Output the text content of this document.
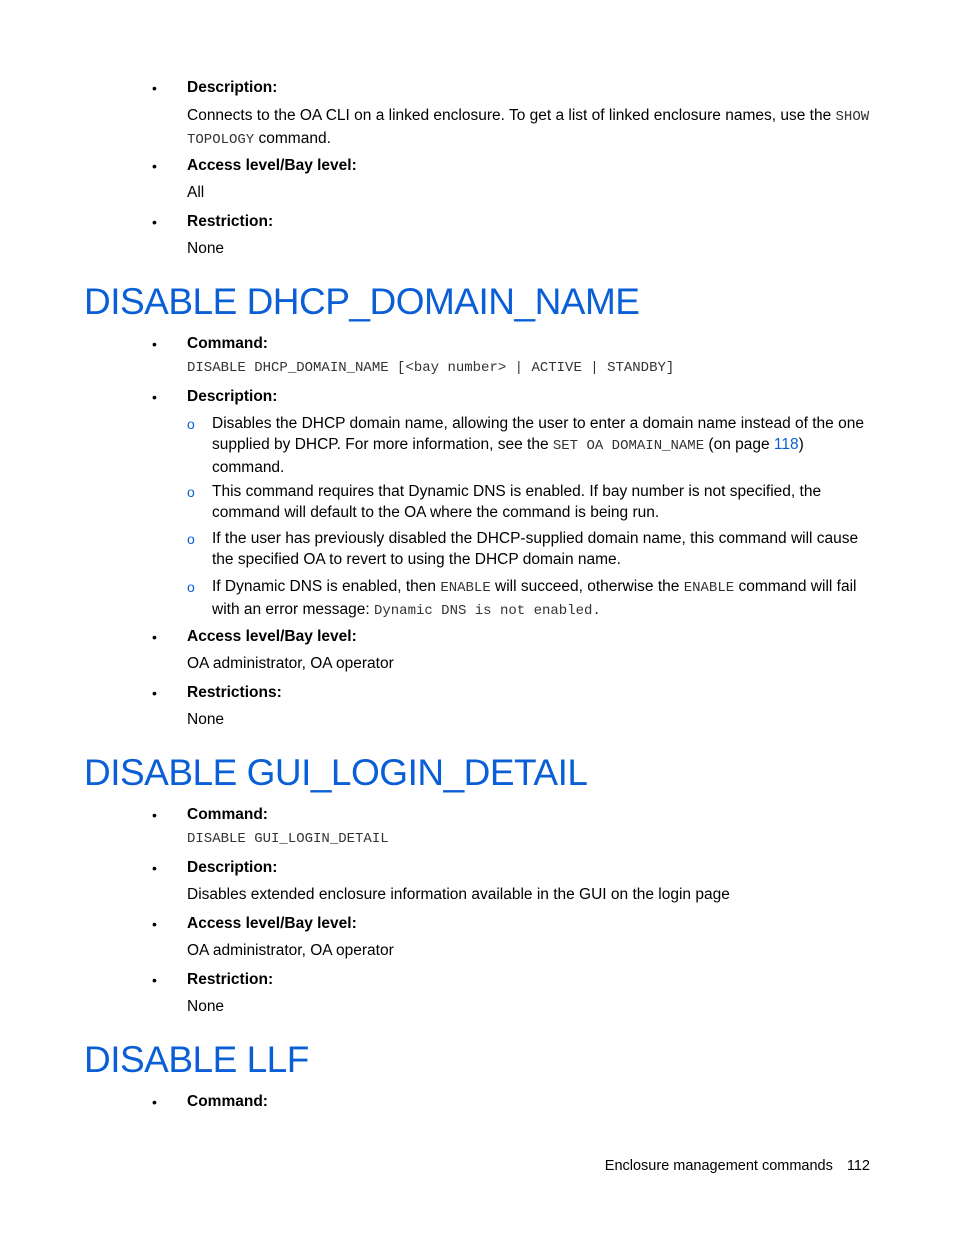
• Description:
Connects to the OA CLI on a linked enclosure. To get a list of linked enclosure names, use the SHOW
TOPOLOGY command.
• Access level/Bay level:
All
• Restriction:
None
DISABLE DHCP_DOMAIN_NAME
• Command:
DISABLE DHCP_DOMAIN_NAME [<bay number> | ACTIVE | STANDBY]
• Description:
o Disables the DHCP domain name, allowing the user to enter a domain name instead of the one supplied by DHCP. For more information, see the SET OA DOMAIN_NAME (on page 118) command.
o This command requires that Dynamic DNS is enabled. If bay number is not specified, the command will default to the OA where the command is being run.
o If the user has previously disabled the DHCP-supplied domain name, this command will cause the specified OA to revert to using the DHCP domain name.
o If Dynamic DNS is enabled, then ENABLE will succeed, otherwise the ENABLE command will fail with an error message: Dynamic DNS is not enabled.
• Access level/Bay level:
OA administrator, OA operator
• Restrictions:
None
DISABLE GUI_LOGIN_DETAIL
• Command:
DISABLE GUI_LOGIN_DETAIL
• Description:
Disables extended enclosure information available in the GUI on the login page
• Access level/Bay level:
OA administrator, OA operator
• Restriction:
None
DISABLE LLF
• Command:
Enclosure management commands 112
